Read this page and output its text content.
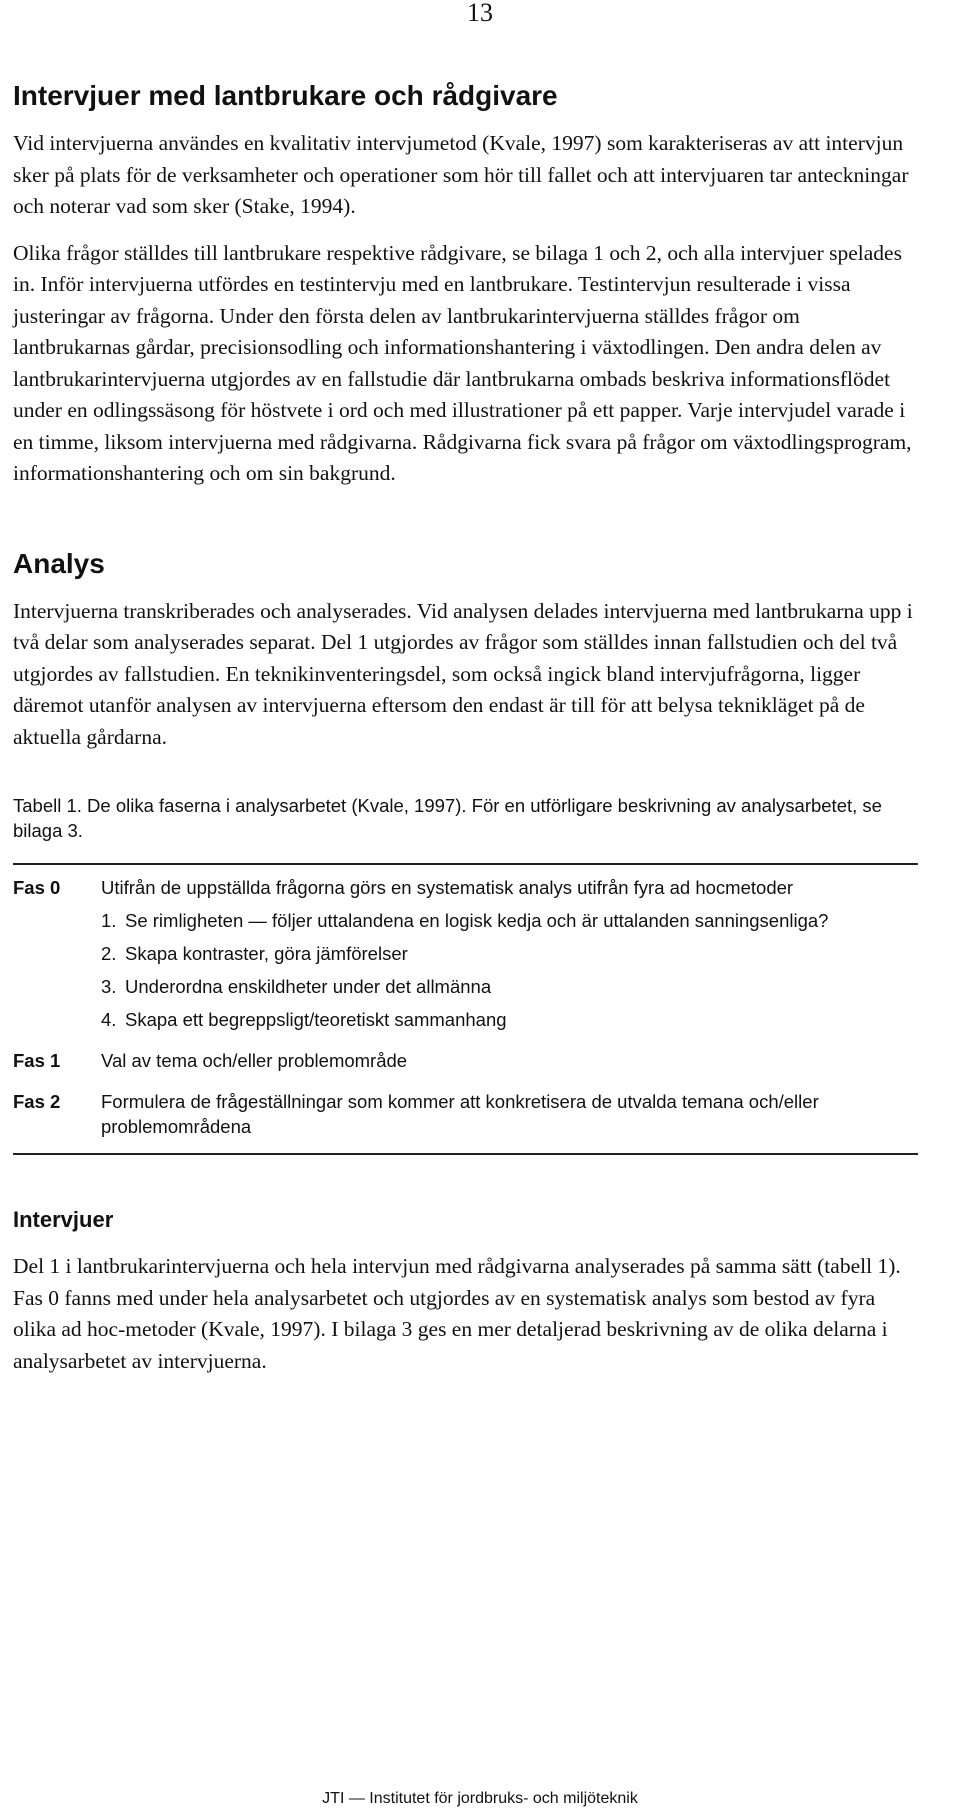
13
Intervjuer med lantbrukare och rådgivare

Vid intervjuerna användes en kvalitativ intervjumetod (Kvale, 1997) som karakteriseras av att intervjun sker på plats för de verksamheter och operationer som hör till fallet och att intervjuaren tar anteckningar och noterar vad som sker (Stake, 1994).

Olika frågor ställdes till lantbrukare respektive rådgivare, se bilaga 1 och 2, och alla intervjuer spelades in. Inför intervjuerna utfördes en testintervju med en lantbrukare. Testintervjun resulterade i vissa justeringar av frågorna. Under den första delen av lantbrukarintervjuerna ställdes frågor om lantbrukarnas gårdar, precisionsodling och informationshantering i växtodlingen. Den andra delen av lantbrukarintervjuerna utgjordes av en fallstudie där lantbrukarna ombads beskriva informationsflödet under en odlingssäsong för höstvete i ord och med illustrationer på ett papper. Varje intervjudel varade i en timme, liksom intervjuerna med rådgivarna. Rådgivarna fick svara på frågor om växtodlingsprogram, informationshantering och om sin bakgrund.

Analys

Intervjuerna transkriberades och analyserades. Vid analysen delades intervjuerna med lantbrukarna upp i två delar som analyserades separat. Del 1 utgjordes av frågor som ställdes innan fallstudien och del två utgjordes av fallstudien. En teknikinventeringsdel, som också ingick bland intervjufrågorna, ligger däremot utanför analysen av intervjuerna eftersom den endast är till för att belysa teknikläget på de aktuella gårdarna.

Tabell 1. De olika faserna i analysarbetet (Kvale, 1997). För en utförligare beskrivning av analysarbetet, se bilaga 3.

Fas 0	Utifrån de uppställda frågorna görs en systematisk analys utifrån fyra ad hocmetoder
1. Se rimligheten — följer uttalandena en logisk kedja och är uttalanden sanningsenliga?
2. Skapa kontraster, göra jämförelser
3. Underordna enskildheter under det allmänna
4. Skapa ett begreppsligt/teoretiskt sammanhang
Fas 1	Val av tema och/eller problemområde
Fas 2	Formulera de frågeställningar som kommer att konkretisera de utvalda temana och/eller problemområdena
Intervjuer

Del 1 i lantbrukarintervjuerna och hela intervjun med rådgivarna analyserades på samma sätt (tabell 1). Fas 0 fanns med under hela analysarbetet och utgjordes av en systematisk analys som bestod av fyra olika ad hoc-metoder (Kvale, 1997). I bilaga 3 ges en mer detaljerad beskrivning av de olika delarna i analysarbetet av intervjuerna.

JTI — Institutet för jordbruks- och miljöteknik
